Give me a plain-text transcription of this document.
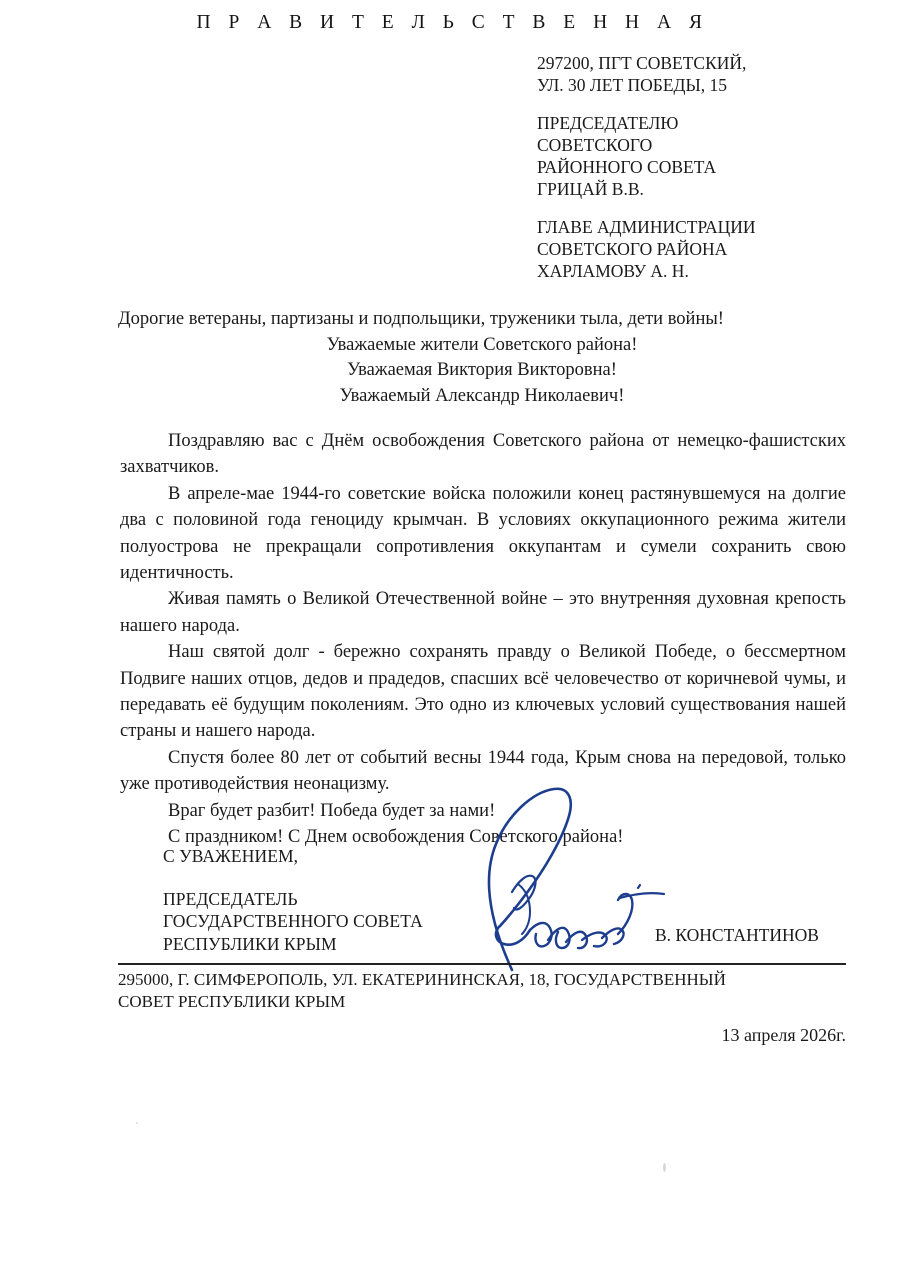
П Р А В И Т Е Л Ь С Т В Е Н Н А Я
297200, ПГТ СОВЕТСКИЙ,
УЛ. 30 ЛЕТ ПОБЕДЫ, 15
ПРЕДСЕДАТЕЛЮ
СОВЕТСКОГО
РАЙОННОГО СОВЕТА
ГРИЦАЙ В.В.
ГЛАВЕ АДМИНИСТРАЦИИ
СОВЕТСКОГО РАЙОНА
ХАРЛАМОВУ А. Н.
Дорогие ветераны, партизаны и подпольщики, труженики тыла, дети войны!
Уважаемые жители Советского района!
Уважаемая Виктория Викторовна!
Уважаемый Александр Николаевич!

Поздравляю вас с Днём освобождения Советского района от немецко-фашистских захватчиков.

В апреле-мае 1944-го советские войска положили конец растянувшемуся на долгие два с половиной года геноциду крымчан. В условиях оккупационного режима жители полуострова не прекращали сопротивления оккупантам и сумели сохранить свою идентичность.

Живая память о Великой Отечественной войне – это внутренняя духовная крепость нашего народа.

Наш святой долг - бережно сохранять правду о Великой Победе, о бессмертном Подвиге наших отцов, дедов и прадедов, спасших всё человечество от коричневой чумы, и передавать её будущим поколениям. Это одно из ключевых условий существования нашей страны и нашего народа.

Спустя более 80 лет от событий весны 1944 года, Крым снова на передовой, только уже противодействия неонацизму.

Враг будет разбит! Победа будет за нами!

С праздником! С Днем освобождения Советского района!

С УВАЖЕНИЕМ,
ПРЕДСЕДАТЕЛЬ
ГОСУДАРСТВЕННОГО СОВЕТА
РЕСПУБЛИКИ КРЫМ	В. КОНСТАНТИНОВ
295000, Г. СИМФЕРОПОЛЬ, УЛ. ЕКАТЕРИНИНСКАЯ, 18, ГОСУДАРСТВЕННЫЙ
СОВЕТ РЕСПУБЛИКИ КРЫМ
13 апреля 2026г.
